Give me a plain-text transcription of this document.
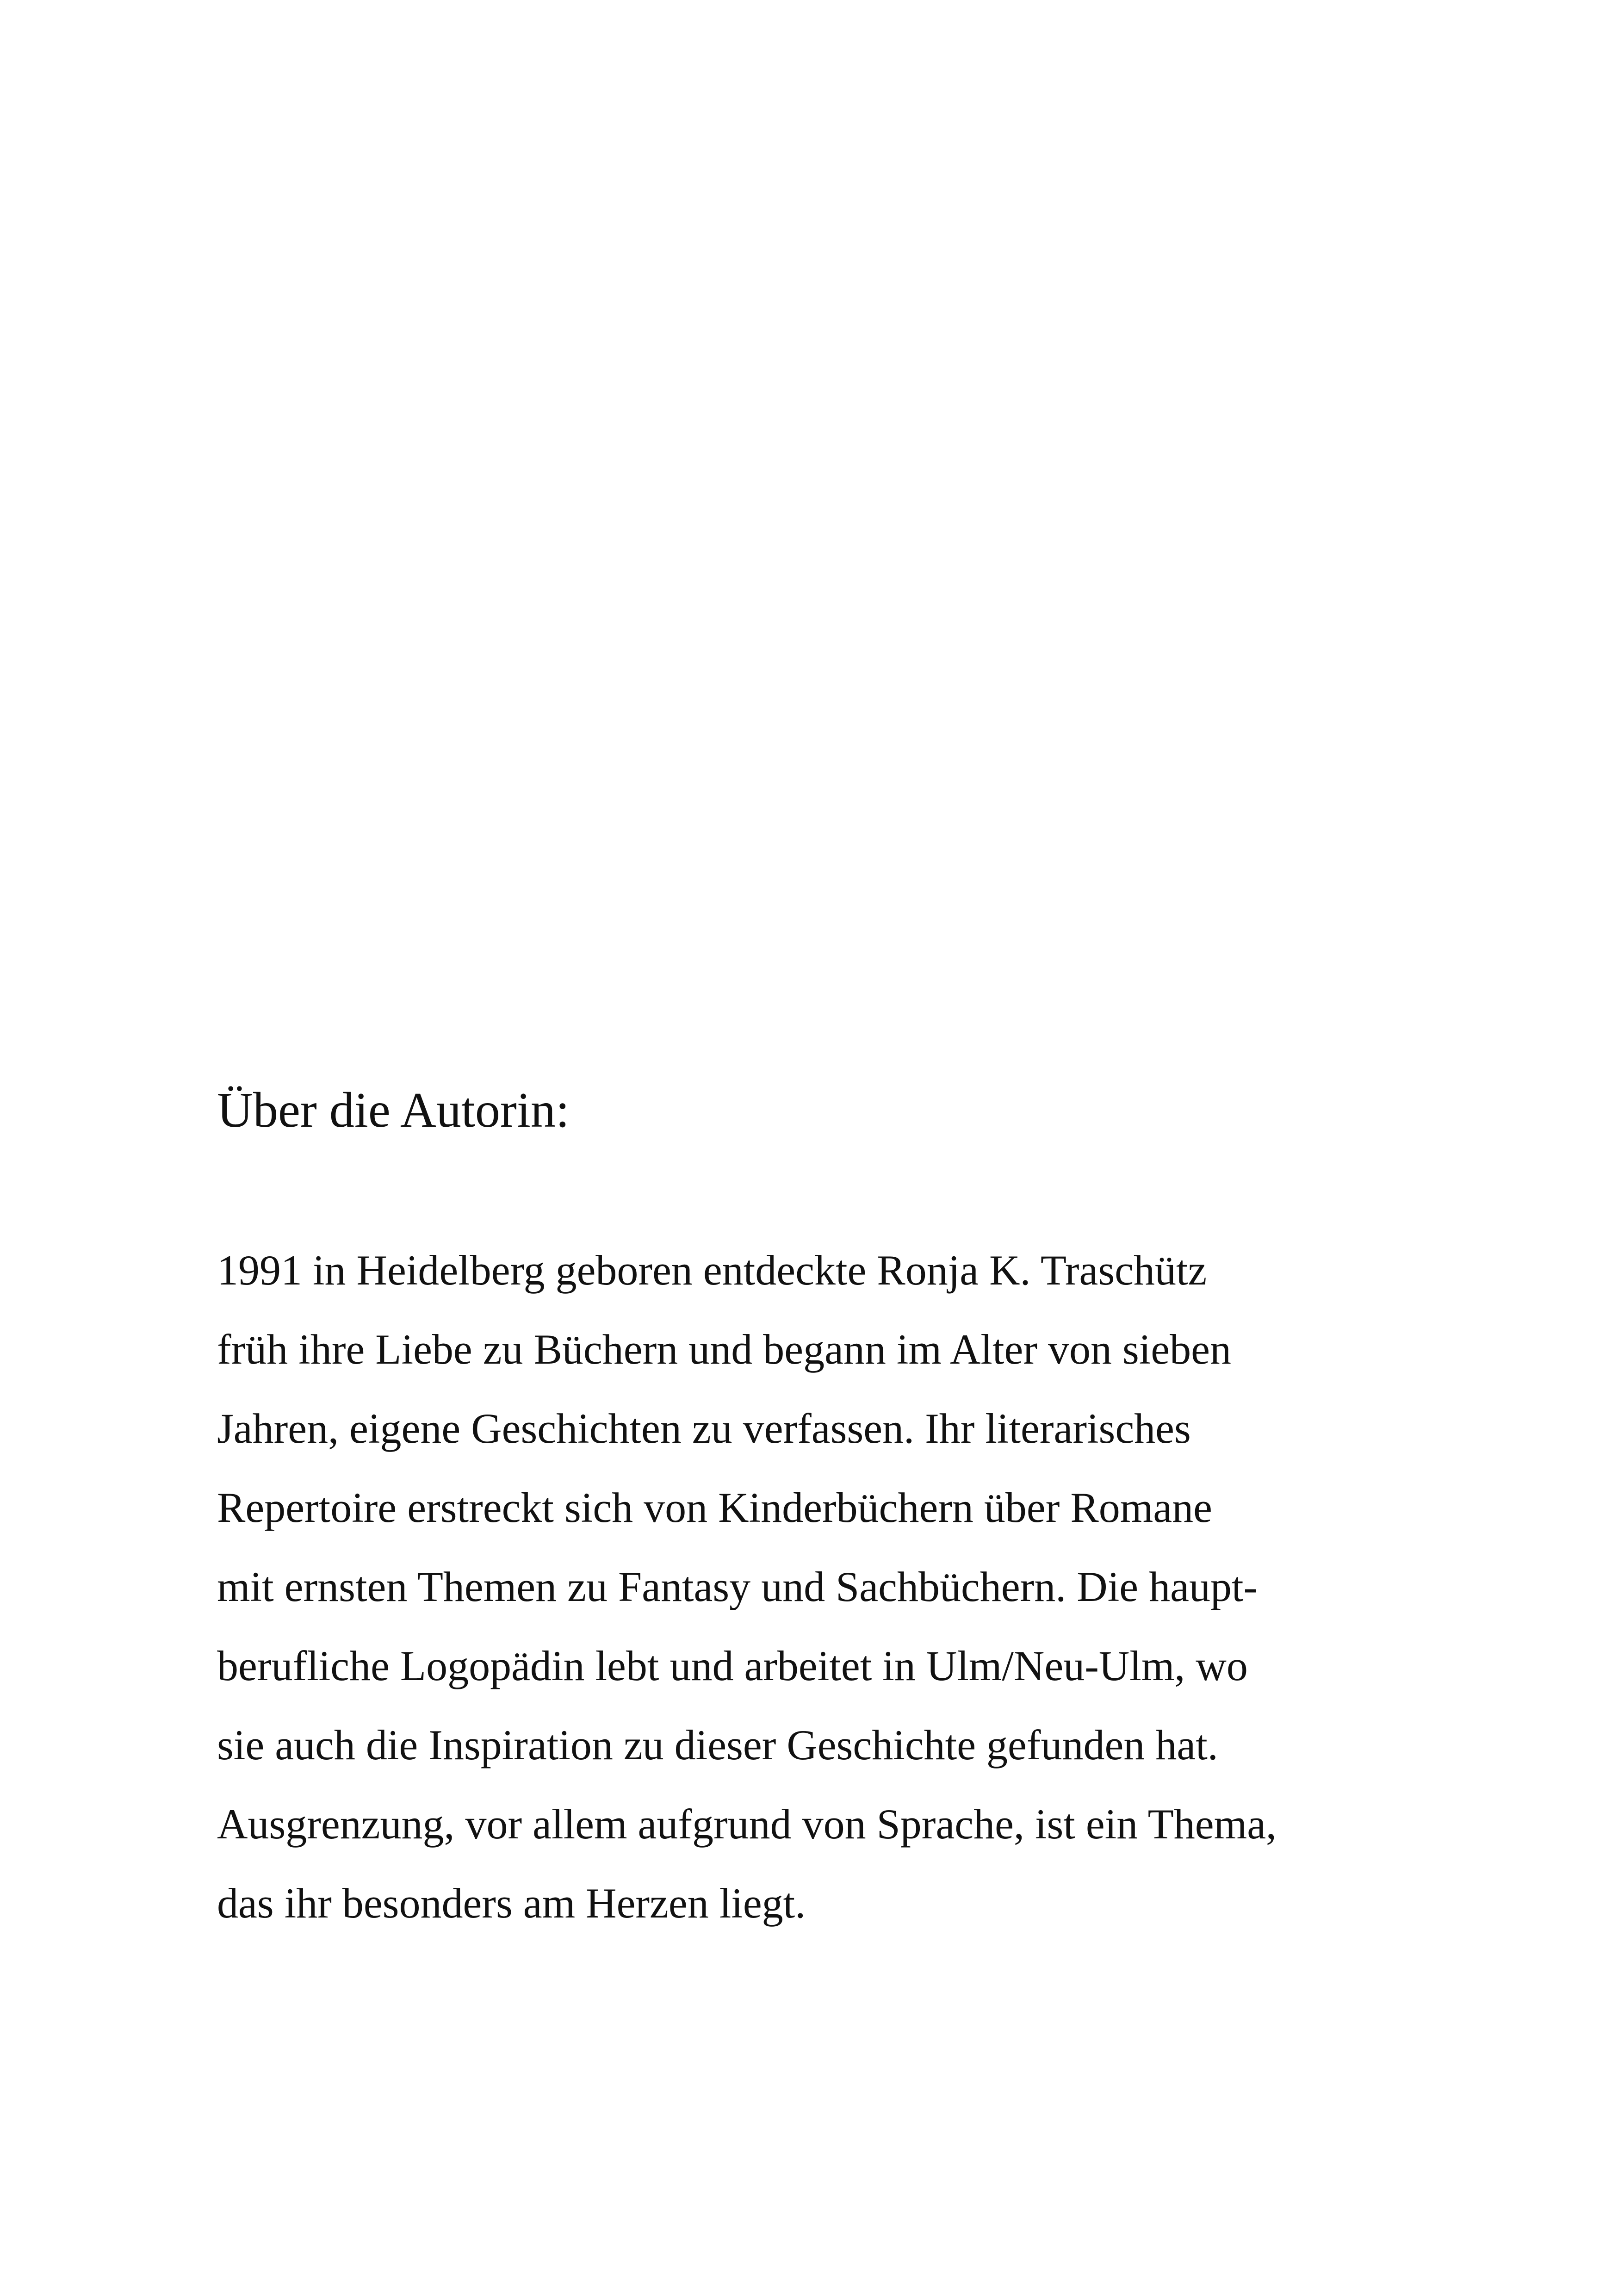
Über die Autorin:
1991 in Heidelberg geboren entdeckte Ronja K. Traschütz
früh ihre Liebe zu Büchern und begann im Alter von sieben
Jahren, eigene Geschichten zu verfassen. Ihr literarisches
Repertoire erstreckt sich von Kinderbüchern über Romane
mit ernsten Themen zu Fantasy und Sachbüchern. Die haupt-
berufliche Logopädin lebt und arbeitet in Ulm/Neu-Ulm, wo
sie auch die Inspiration zu dieser Geschichte gefunden hat.
Ausgrenzung, vor allem aufgrund von Sprache, ist ein Thema,
das ihr besonders am Herzen liegt.
